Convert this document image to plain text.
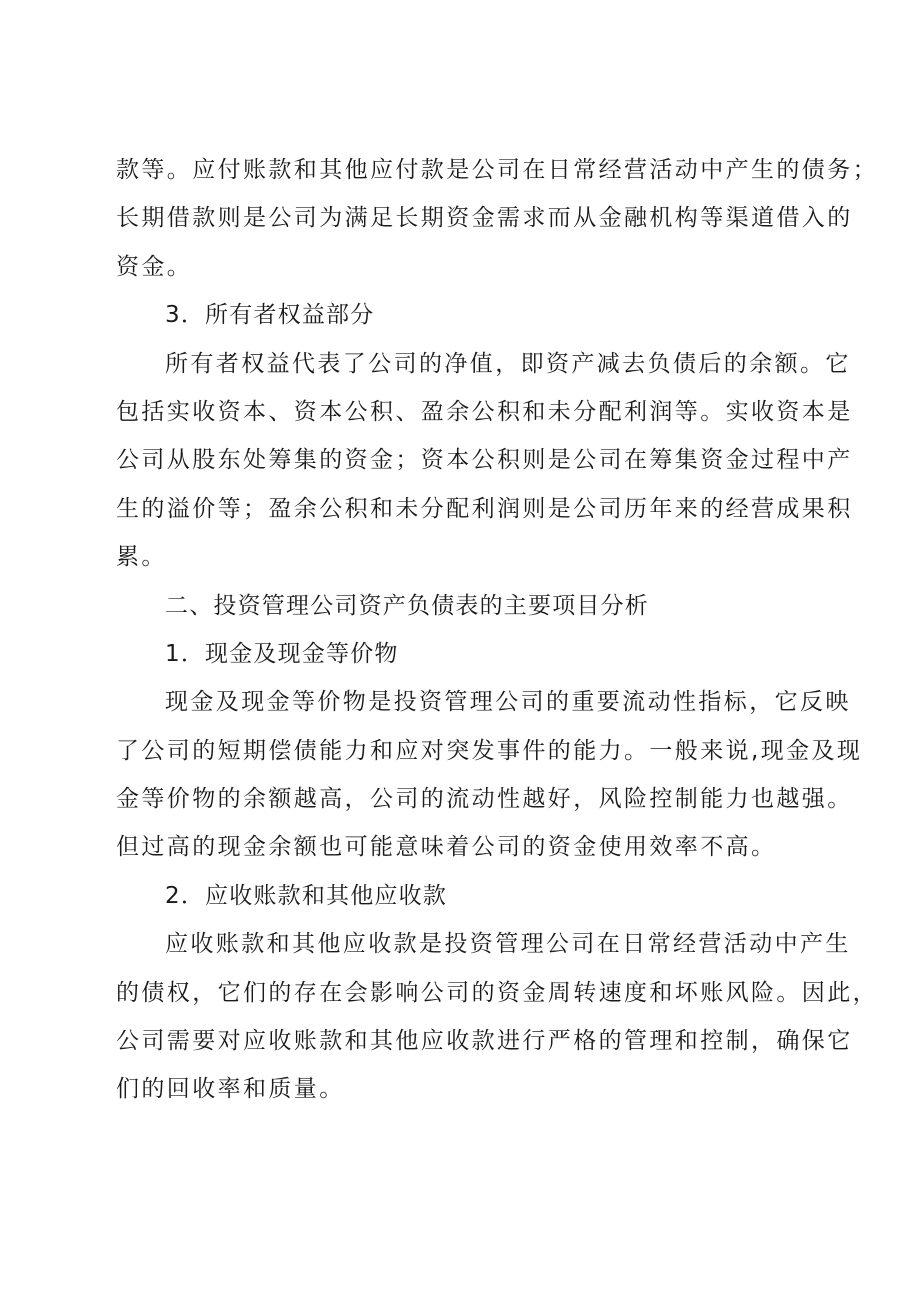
款等。应付账款和其他应付款是公司在日常经营活动中产生的债务；
长期借款则是公司为满足长期资金需求而从金融机构等渠道借入的
资金。
3．所有者权益部分
所有者权益代表了公司的净值，即资产减去负债后的余额。它
包括实收资本、资本公积、盈余公积和未分配利润等。实收资本是
公司从股东处筹集的资金；资本公积则是公司在筹集资金过程中产
生的溢价等；盈余公积和未分配利润则是公司历年来的经营成果积
累。
二、投资管理公司资产负债表的主要项目分析
1．现金及现金等价物
现金及现金等价物是投资管理公司的重要流动性指标，它反映
了公司的短期偿债能力和应对突发事件的能力。一般来说,现金及现
金等价物的余额越高，公司的流动性越好，风险控制能力也越强。
但过高的现金余额也可能意味着公司的资金使用效率不高。
2．应收账款和其他应收款
应收账款和其他应收款是投资管理公司在日常经营活动中产生
的债权，它们的存在会影响公司的资金周转速度和坏账风险。因此，
公司需要对应收账款和其他应收款进行严格的管理和控制，确保它
们的回收率和质量。
